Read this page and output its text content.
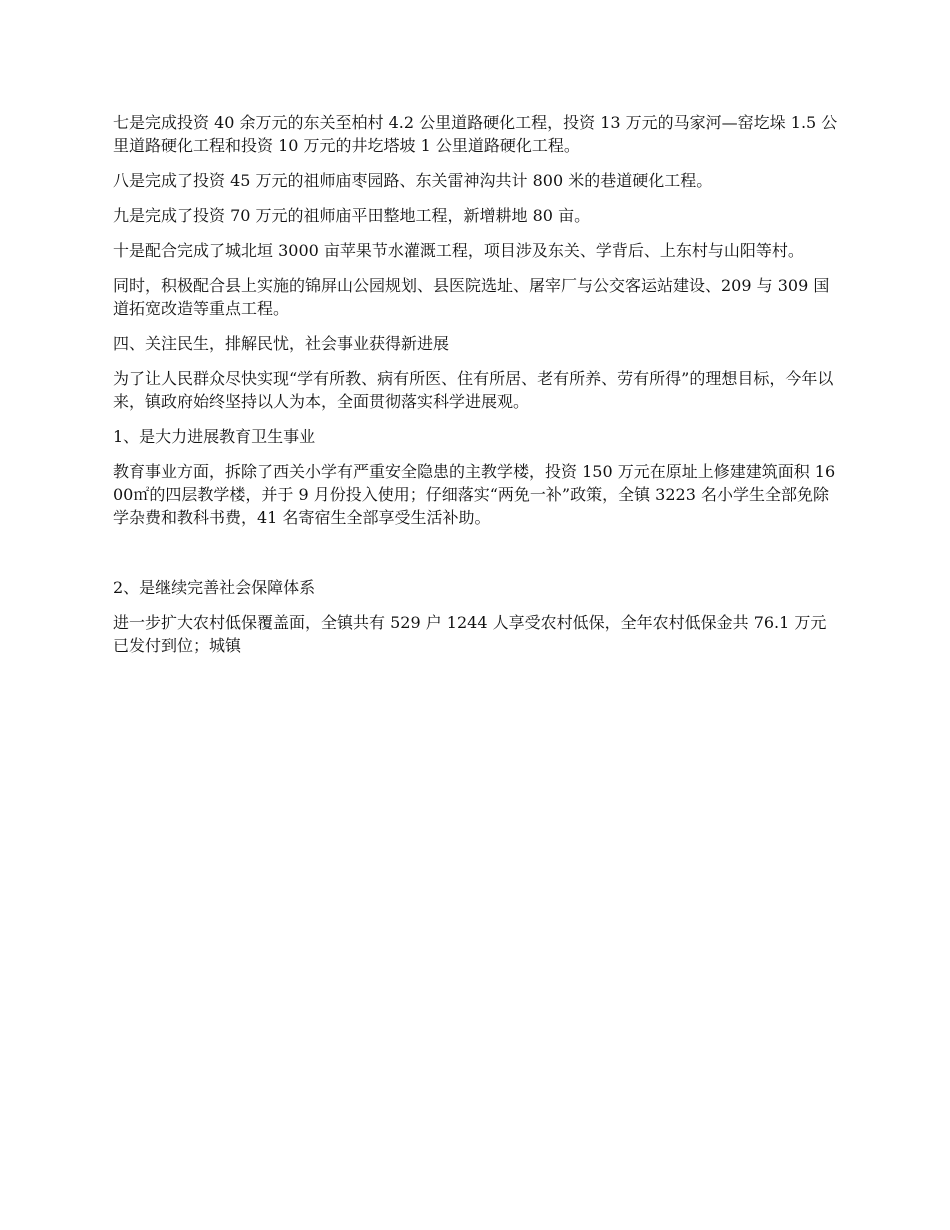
七是完成投资 40 余万元的东关至柏村 4.2 公里道路硬化工程，投资 13 万元的马家河—窑圪垛 1.5 公里道路硬化工程和投资 10 万元的井圪塔坡 1 公里道路硬化工程。

八是完成了投资 45 万元的祖师庙枣园路、东关雷神沟共计 800 米的巷道硬化工程。

九是完成了投资 70 万元的祖师庙平田整地工程，新增耕地 80 亩。

十是配合完成了城北垣 3000 亩苹果节水灌溉工程，项目涉及东关、学背后、上东村与山阳等村。

同时，积极配合县上实施的锦屏山公园规划、县医院选址、屠宰厂与公交客运站建设、209 与 309 国道拓宽改造等重点工程。

四、关注民生，排解民忧，社会事业获得新进展

为了让人民群众尽快实现“学有所教、病有所医、住有所居、老有所养、劳有所得”的理想目标，今年以来，镇政府始终坚持以人为本，全面贯彻落实科学进展观。

1、是大力进展教育卫生事业

教育事业方面，拆除了西关小学有严重安全隐患的主教学楼，投资 150 万元在原址上修建建筑面积 1600㎡的四层教学楼，并于 9 月份投入使用；仔细落实“两免一补”政策，全镇 3223 名小学生全部免除学杂费和教科书费，41 名寄宿生全部享受生活补助。

2、是继续完善社会保障体系

进一步扩大农村低保覆盖面，全镇共有 529 户 1244 人享受农村低保，全年农村低保金共 76.1 万元已发付到位；城镇
